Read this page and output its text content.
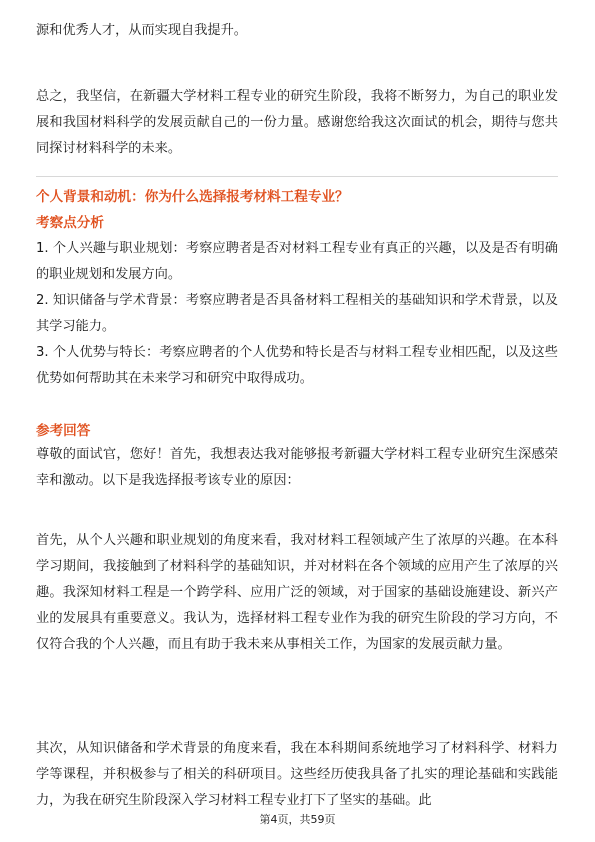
源和优秀人才，从而实现自我提升。

总之，我坚信，在新疆大学材料工程专业的研究生阶段，我将不断努力，为自己的职业发展和我国材料科学的发展贡献自己的一份力量。感谢您给我这次面试的机会，期待与您共同探讨材料科学的未来。

个人背景和动机：你为什么选择报考材料工程专业？

考察点分析

1. 个人兴趣与职业规划：考察应聘者是否对材料工程专业有真正的兴趣，以及是否有明确的职业规划和发展方向。

2. 知识储备与学术背景：考察应聘者是否具备材料工程相关的基础知识和学术背景，以及其学习能力。

3. 个人优势与特长：考察应聘者的个人优势和特长是否与材料工程专业相匹配，以及这些优势如何帮助其在未来学习和研究中取得成功。

参考回答

尊敬的面试官，您好！首先，我想表达我对能够报考新疆大学材料工程专业研究生深感荣幸和激动。以下是我选择报考该专业的原因：

首先，从个人兴趣和职业规划的角度来看，我对材料工程领域产生了浓厚的兴趣。在本科学习期间，我接触到了材料科学的基础知识，并对材料在各个领域的应用产生了浓厚的兴趣。我深知材料工程是一个跨学科、应用广泛的领域，对于国家的基础设施建设、新兴产业的发展具有重要意义。我认为，选择材料工程专业作为我的研究生阶段的学习方向，不仅符合我的个人兴趣，而且有助于我未来从事相关工作，为国家的发展贡献力量。

其次，从知识储备和学术背景的角度来看，我在本科期间系统地学习了材料科学、材料力学等课程，并积极参与了相关的科研项目。这些经历使我具备了扎实的理论基础和实践能力，为我在研究生阶段深入学习材料工程专业打下了坚实的基础。此

第4页，共59页
